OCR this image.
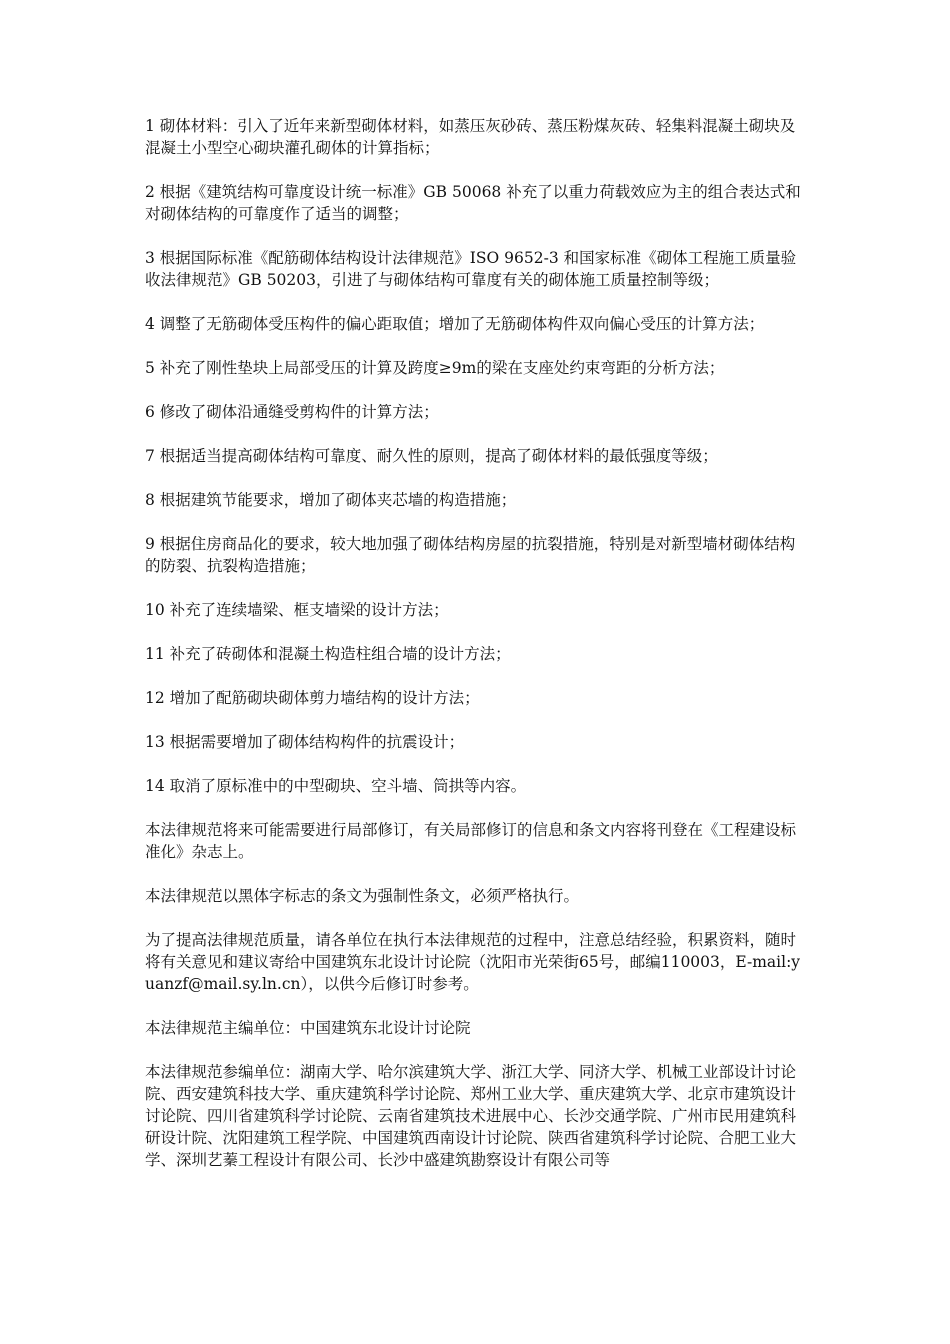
1 砌体材料：引入了近年来新型砌体材料，如蒸压灰砂砖、蒸压粉煤灰砖、轻集料混凝土砌块及混凝土小型空心砌块灌孔砌体的计算指标；

2 根据《建筑结构可靠度设计统一标准》GB 50068 补充了以重力荷载效应为主的组合表达式和对砌体结构的可靠度作了适当的调整；

3 根据国际标准《配筋砌体结构设计法律规范》ISO 9652-3 和国家标准《砌体工程施工质量验收法律规范》GB 50203，引进了与砌体结构可靠度有关的砌体施工质量控制等级；

4 调整了无筋砌体受压构件的偏心距取值；增加了无筋砌体构件双向偏心受压的计算方法；

5 补充了刚性垫块上局部受压的计算及跨度≥9m的梁在支座处约束弯距的分析方法；

6 修改了砌体沿通缝受剪构件的计算方法；

7 根据适当提高砌体结构可靠度、耐久性的原则，提高了砌体材料的最低强度等级；

8 根据建筑节能要求，增加了砌体夹芯墙的构造措施；

9 根据住房商品化的要求，较大地加强了砌体结构房屋的抗裂措施，特别是对新型墙材砌体结构的防裂、抗裂构造措施；

10 补充了连续墙梁、框支墙梁的设计方法；

11 补充了砖砌体和混凝土构造柱组合墙的设计方法；

12 增加了配筋砌块砌体剪力墙结构的设计方法；

13 根据需要增加了砌体结构构件的抗震设计；

14 取消了原标准中的中型砌块、空斗墙、筒拱等内容。

本法律规范将来可能需要进行局部修订，有关局部修订的信息和条文内容将刊登在《工程建设标准化》杂志上。

本法律规范以黑体字标志的条文为强制性条文，必须严格执行。

为了提高法律规范质量，请各单位在执行本法律规范的过程中，注意总结经验，积累资料，随时将有关意见和建议寄给中国建筑东北设计讨论院（沈阳市光荣街65号，邮编110003，E-mail:yuanzf@mail.sy.ln.cn），以供今后修订时参考。

本法律规范主编单位：中国建筑东北设计讨论院

本法律规范参编单位：湖南大学、哈尔滨建筑大学、浙江大学、同济大学、机械工业部设计讨论院、西安建筑科技大学、重庆建筑科学讨论院、郑州工业大学、重庆建筑大学、北京市建筑设计讨论院、四川省建筑科学讨论院、云南省建筑技术进展中心、长沙交通学院、广州市民用建筑科研设计院、沈阳建筑工程学院、中国建筑西南设计讨论院、陕西省建筑科学讨论院、合肥工业大学、深圳艺蓁工程设计有限公司、长沙中盛建筑勘察设计有限公司等
